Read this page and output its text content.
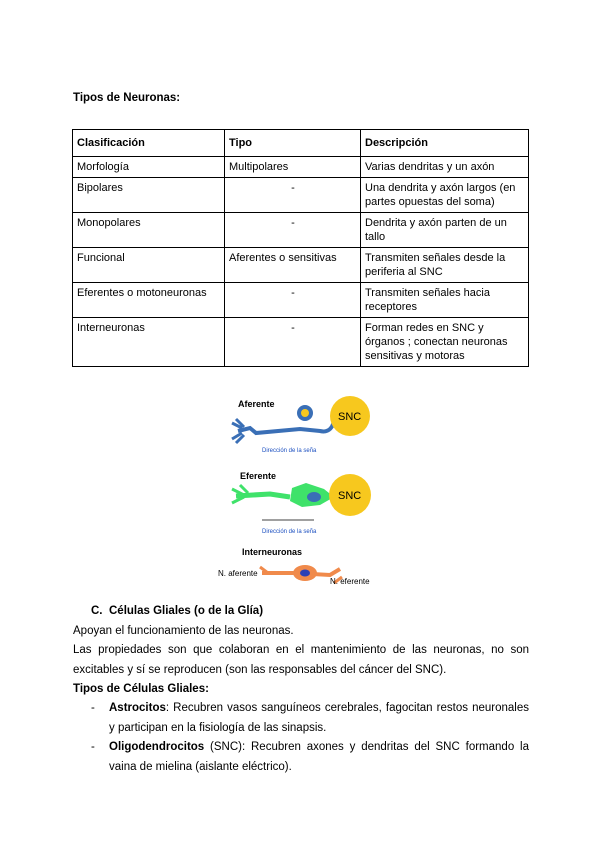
Tipos de Neuronas:
Clasificación	Tipo	Descripción
Morfología	Multipolares	Varias dendritas y un axón
Bipolares	-	Una dendrita y axón largos (en partes opuestas del soma)
Monopolares	-	Dendrita y axón parten de un tallo
Funcional	Aferentes o sensitivas	Transmiten señales desde la periferia al SNC
Eferentes o motoneuronas	-	Transmiten señales hacia receptores
Interneuronas	-	Forman redes en SNC y órganos ; conectan neuronas sensitivas y motoras
Aferente
SNC
Dirección de la seña
Eferente
SNC
Dirección de la seña
Interneuronas
N. aferente
N. eferente
C. Células Gliales (o de la Glía)
Apoyan el funcionamiento de las neuronas.
Las propiedades son que colaboran en el mantenimiento de las neuronas, no son excitables y sí se reproducen (son las responsables del cáncer del SNC).
Tipos de Células Gliales:
- Astrocitos: Recubren vasos sanguíneos cerebrales, fagocitan restos neuronales y participan en la fisiología de las sinapsis.
- Oligodendrocitos (SNC): Recubren axones y dendritas del SNC formando la vaina de mielina (aislante eléctrico).
